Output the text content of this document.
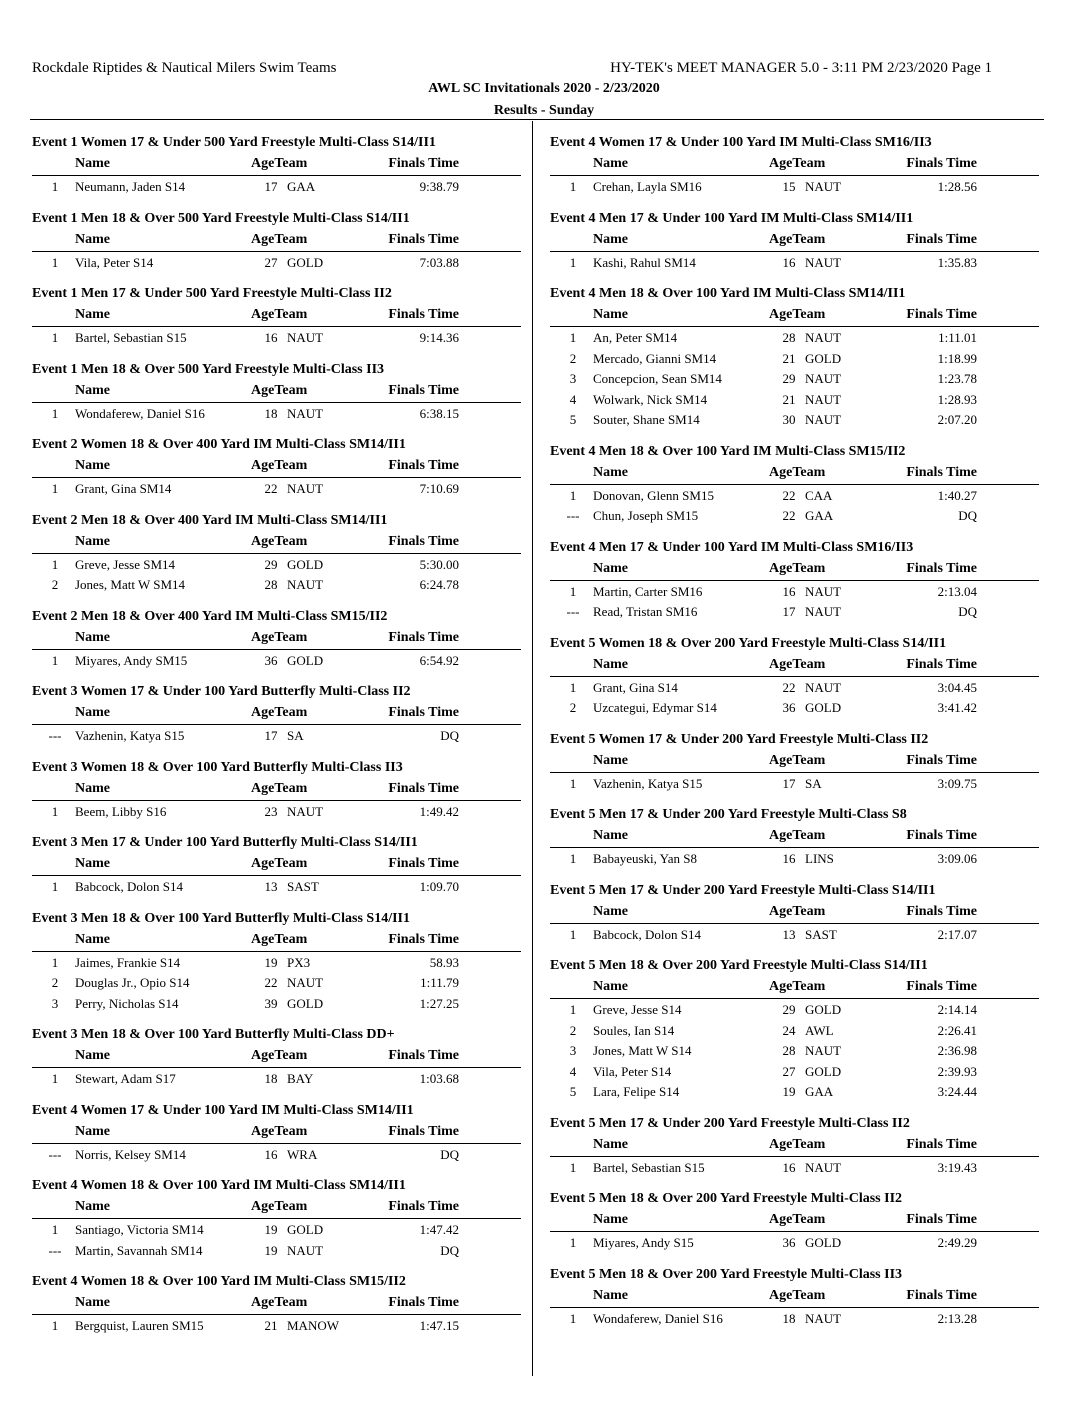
Rockdale Riptides & Nautical Milers Swim Teams	HY-TEK's MEET MANAGER 5.0 - 3:11 PM 2/23/2020 Page 1
AWL SC Invitationals 2020 - 2/23/2020
Results - Sunday
Event 1 Women 17 & Under 500 Yard Freestyle Multi-Class S14/II1
Name	AgeTeam	Finals Time
1	Neumann, Jaden S14	17 GAA	9:38.79
Event 1 Men 18 & Over 500 Yard Freestyle Multi-Class S14/II1
Name	AgeTeam	Finals Time
1	Vila, Peter S14	27 GOLD	7:03.88
Event 1 Men 17 & Under 500 Yard Freestyle Multi-Class II2
Name	AgeTeam	Finals Time
1	Bartel, Sebastian S15	16 NAUT	9:14.36
Event 1 Men 18 & Over 500 Yard Freestyle Multi-Class II3
Name	AgeTeam	Finals Time
1	Wondaferew, Daniel S16	18 NAUT	6:38.15
Event 2 Women 18 & Over 400 Yard IM Multi-Class SM14/II1
Name	AgeTeam	Finals Time
1	Grant, Gina SM14	22 NAUT	7:10.69
Event 2 Men 18 & Over 400 Yard IM Multi-Class SM14/II1
Name	AgeTeam	Finals Time
1	Greve, Jesse SM14	29 GOLD	5:30.00
2	Jones, Matt W SM14	28 NAUT	6:24.78
Event 2 Men 18 & Over 400 Yard IM Multi-Class SM15/II2
Name	AgeTeam	Finals Time
1	Miyares, Andy SM15	36 GOLD	6:54.92
Event 3 Women 17 & Under 100 Yard Butterfly Multi-Class II2
Name	AgeTeam	Finals Time
---	Vazhenin, Katya S15	17 SA	DQ
Event 3 Women 18 & Over 100 Yard Butterfly Multi-Class II3
Name	AgeTeam	Finals Time
1	Beem, Libby S16	23 NAUT	1:49.42
Event 3 Men 17 & Under 100 Yard Butterfly Multi-Class S14/II1
Name	AgeTeam	Finals Time
1	Babcock, Dolon S14	13 SAST	1:09.70
Event 3 Men 18 & Over 100 Yard Butterfly Multi-Class S14/II1
Name	AgeTeam	Finals Time
1	Jaimes, Frankie S14	19 PX3	58.93
2	Douglas Jr., Opio S14	22 NAUT	1:11.79
3	Perry, Nicholas S14	39 GOLD	1:27.25
Event 3 Men 18 & Over 100 Yard Butterfly Multi-Class DD+
Name	AgeTeam	Finals Time
1	Stewart, Adam S17	18 BAY	1:03.68
Event 4 Women 17 & Under 100 Yard IM Multi-Class SM14/II1
Name	AgeTeam	Finals Time
---	Norris, Kelsey SM14	16 WRA	DQ
Event 4 Women 18 & Over 100 Yard IM Multi-Class SM14/II1
Name	AgeTeam	Finals Time
1	Santiago, Victoria SM14	19 GOLD	1:47.42
---	Martin, Savannah SM14	19 NAUT	DQ
Event 4 Women 18 & Over 100 Yard IM Multi-Class SM15/II2
Name	AgeTeam	Finals Time
1	Bergquist, Lauren SM15	21 MANOW	1:47.15
Event 4 Women 17 & Under 100 Yard IM Multi-Class SM16/II3
Name	AgeTeam	Finals Time
1	Crehan, Layla SM16	15 NAUT	1:28.56
Event 4 Men 17 & Under 100 Yard IM Multi-Class SM14/II1
Name	AgeTeam	Finals Time
1	Kashi, Rahul SM14	16 NAUT	1:35.83
Event 4 Men 18 & Over 100 Yard IM Multi-Class SM14/II1
Name	AgeTeam	Finals Time
1	An, Peter SM14	28 NAUT	1:11.01
2	Mercado, Gianni SM14	21 GOLD	1:18.99
3	Concepcion, Sean SM14	29 NAUT	1:23.78
4	Wolwark, Nick SM14	21 NAUT	1:28.93
5	Souter, Shane SM14	30 NAUT	2:07.20
Event 4 Men 18 & Over 100 Yard IM Multi-Class SM15/II2
Name	AgeTeam	Finals Time
1	Donovan, Glenn SM15	22 CAA	1:40.27
---	Chun, Joseph SM15	22 GAA	DQ
Event 4 Men 17 & Under 100 Yard IM Multi-Class SM16/II3
Name	AgeTeam	Finals Time
1	Martin, Carter SM16	16 NAUT	2:13.04
---	Read, Tristan SM16	17 NAUT	DQ
Event 5 Women 18 & Over 200 Yard Freestyle Multi-Class S14/II1
Name	AgeTeam	Finals Time
1	Grant, Gina S14	22 NAUT	3:04.45
2	Uzcategui, Edymar S14	36 GOLD	3:41.42
Event 5 Women 17 & Under 200 Yard Freestyle Multi-Class II2
Name	AgeTeam	Finals Time
1	Vazhenin, Katya S15	17 SA	3:09.75
Event 5 Men 17 & Under 200 Yard Freestyle Multi-Class S8
Name	AgeTeam	Finals Time
1	Babayeuski, Yan S8	16 LINS	3:09.06
Event 5 Men 17 & Under 200 Yard Freestyle Multi-Class S14/II1
Name	AgeTeam	Finals Time
1	Babcock, Dolon S14	13 SAST	2:17.07
Event 5 Men 18 & Over 200 Yard Freestyle Multi-Class S14/II1
Name	AgeTeam	Finals Time
1	Greve, Jesse S14	29 GOLD	2:14.14
2	Soules, Ian S14	24 AWL	2:26.41
3	Jones, Matt W S14	28 NAUT	2:36.98
4	Vila, Peter S14	27 GOLD	2:39.93
5	Lara, Felipe S14	19 GAA	3:24.44
Event 5 Men 17 & Under 200 Yard Freestyle Multi-Class II2
Name	AgeTeam	Finals Time
1	Bartel, Sebastian S15	16 NAUT	3:19.43
Event 5 Men 18 & Over 200 Yard Freestyle Multi-Class II2
Name	AgeTeam	Finals Time
1	Miyares, Andy S15	36 GOLD	2:49.29
Event 5 Men 18 & Over 200 Yard Freestyle Multi-Class II3
Name	AgeTeam	Finals Time
1	Wondaferew, Daniel S16	18 NAUT	2:13.28
